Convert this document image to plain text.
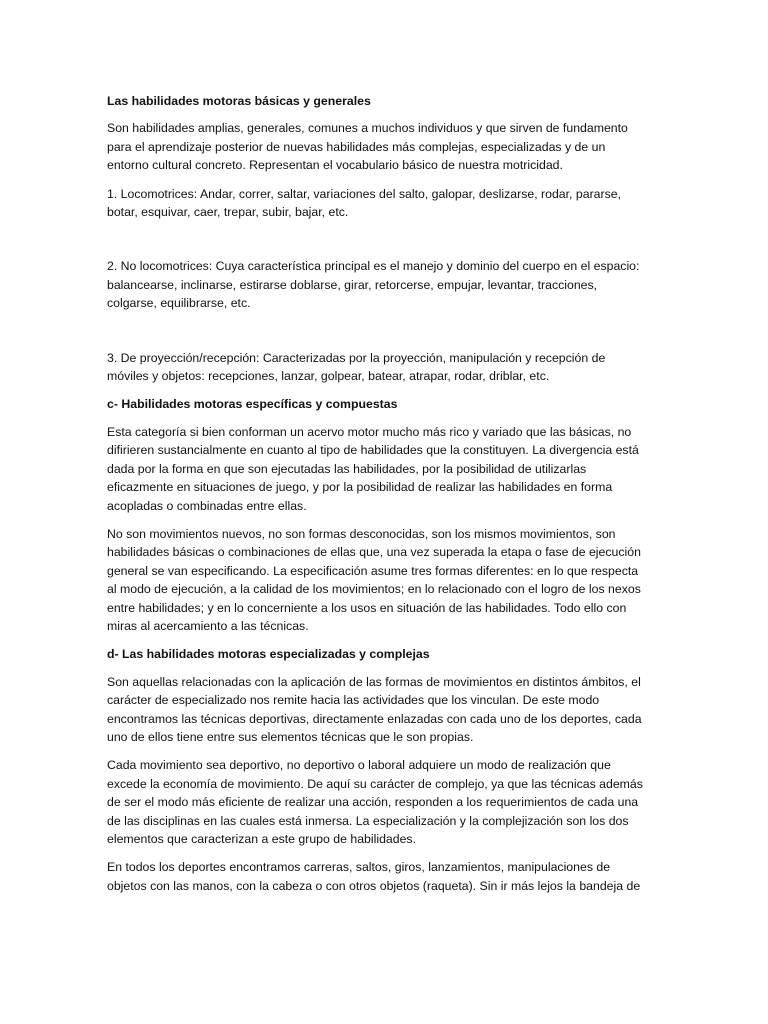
Las habilidades motoras básicas y generales

Son habilidades amplias, generales, comunes a muchos individuos y que sirven de fundamento para el aprendizaje posterior de nuevas habilidades más complejas, especializadas y de un entorno cultural concreto. Representan el vocabulario básico de nuestra motricidad.

1. Locomotrices: Andar, correr, saltar, variaciones del salto, galopar, deslizarse, rodar, pararse, botar, esquivar, caer, trepar, subir, bajar, etc.

2. No locomotrices: Cuya característica principal es el manejo y dominio del cuerpo en el espacio: balancearse, inclinarse, estirarse doblarse, girar, retorcerse, empujar, levantar, tracciones, colgarse, equilibrarse, etc.

3. De proyección/recepción: Caracterizadas por la proyección, manipulación y recepción de móviles y objetos: recepciones, lanzar, golpear, batear, atrapar, rodar, driblar, etc.

c- Habilidades motoras específicas y compuestas

Esta categoría si bien conforman un acervo motor mucho más rico y variado que las básicas, no difirieren sustancialmente en cuanto al tipo de habilidades que la constituyen. La divergencia está dada por la forma en que son ejecutadas las habilidades, por la posibilidad de utilizarlas eficazmente en situaciones de juego, y por la posibilidad de realizar las habilidades en forma acopladas o combinadas entre ellas.

No son movimientos nuevos, no son formas desconocidas, son los mismos movimientos, son habilidades básicas o combinaciones de ellas que, una vez superada la etapa o fase de ejecución general se van especificando. La especificación asume tres formas diferentes: en lo que respecta al modo de ejecución, a la calidad de los movimientos; en lo relacionado con el logro de los nexos entre habilidades; y en lo concerniente a los usos en situación de las habilidades. Todo ello con miras al acercamiento a las técnicas.

d- Las habilidades motoras especializadas y complejas

Son aquellas relacionadas con la aplicación de las formas de movimientos en distintos ámbitos, el carácter de especializado nos remite hacia las actividades que los vinculan. De este modo encontramos las técnicas deportivas, directamente enlazadas con cada uno de los deportes, cada uno de ellos tiene entre sus elementos técnicas que le son propias.

Cada movimiento sea deportivo, no deportivo o laboral adquiere un modo de realización que excede la economía de movimiento. De aquí su carácter de complejo, ya que las técnicas además de ser el modo más eficiente de realizar una acción, responden a los requerimientos de cada una de las disciplinas en las cuales está inmersa. La especialización y la complejización son los dos elementos que caracterizan a este grupo de habilidades.

En todos los deportes encontramos carreras, saltos, giros, lanzamientos, manipulaciones de objetos con las manos, con la cabeza o con otros objetos (raqueta). Sin ir más lejos la bandeja de
